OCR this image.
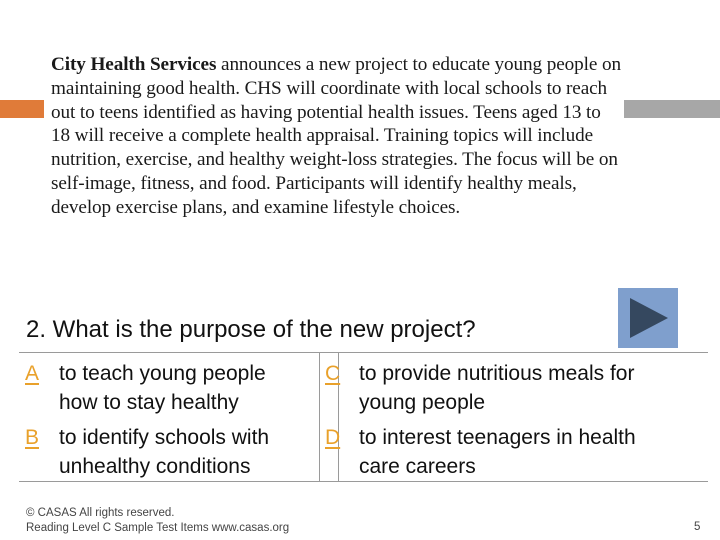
City Health Services announces a new project to educate young people on maintaining good health. CHS will coordinate with local schools to reach out to teens identified as having potential health issues. Teens aged 13 to 18 will receive a complete health appraisal. Training topics will include nutrition, exercise, and healthy weight-loss strategies. The focus will be on self-image, fitness, and food. Participants will identify healthy meals, develop exercise plans, and examine lifestyle choices.
2. What is the purpose of the new project?
A to teach young people
how to stay healthy
B to identify schools with
unhealthy conditions
C to provide nutritious meals for
young people
D to interest teenagers in health
care careers
© CASAS All rights reserved.
Reading Level C Sample Test Items www.casas.org	5
